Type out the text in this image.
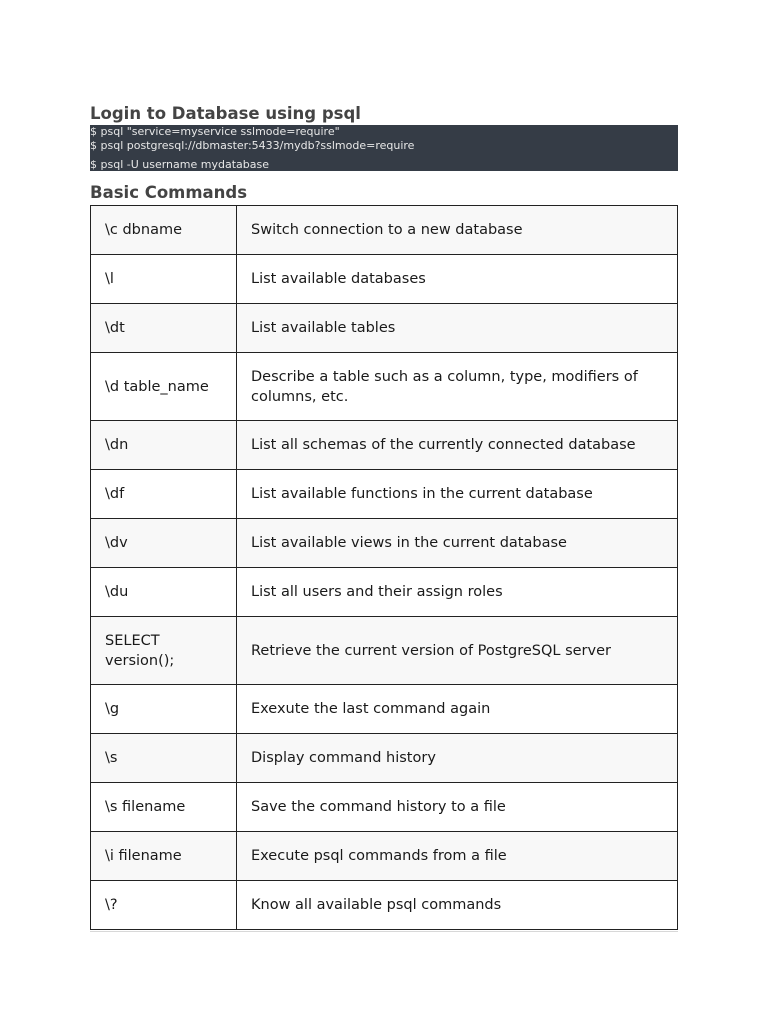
Login to Database using psql
$ psql "service=myservice sslmode=require"
$ psql postgresql://dbmaster:5433/mydb?sslmode=require
$ psql -U username mydatabase
Basic Commands
\c dbname	Switch connection to a new database
\l	List available databases
\dt	List available tables
\d table_name	Describe a table such as a column, type, modifiers of columns, etc.
\dn	List all schemas of the currently connected database
\df	List available functions in the current database
\dv	List available views in the current database
\du	List all users and their assign roles
SELECT version();	Retrieve the current version of PostgreSQL server
\g	Exexute the last command again
\s	Display command history
\s filename	Save the command history to a file
\i filename	Execute psql commands from a file
\?	Know all available psql commands
